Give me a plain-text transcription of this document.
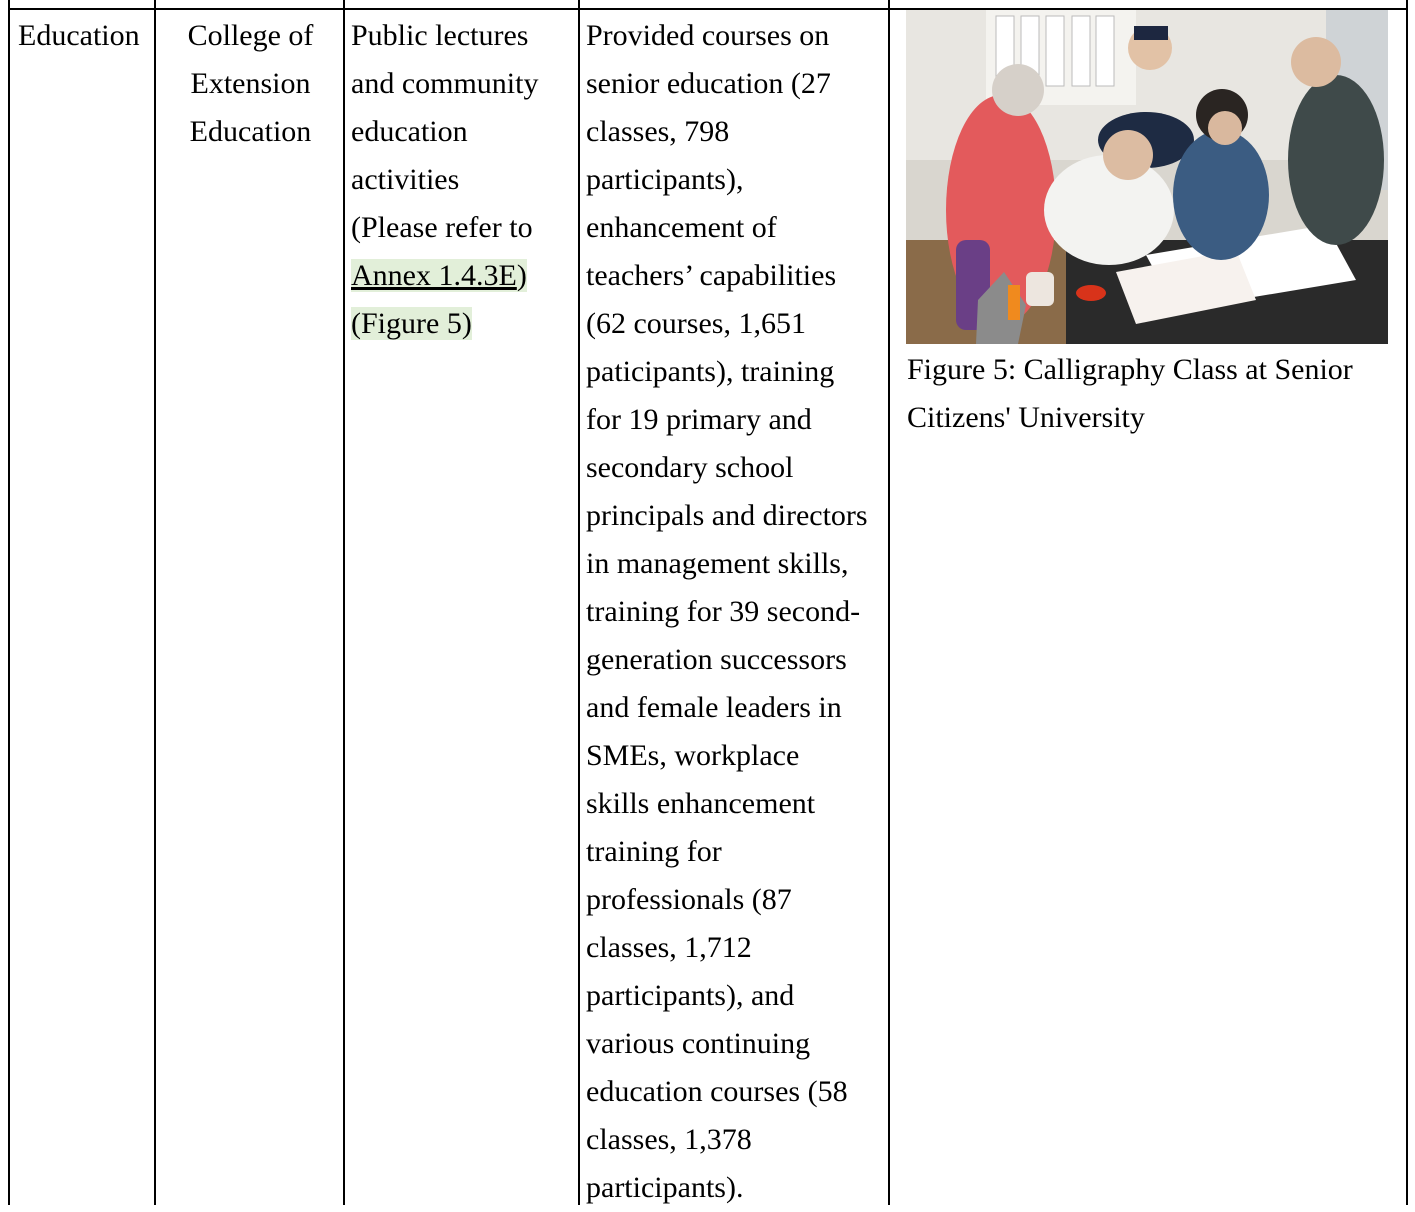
Education	College of
Extension
Education
Public lectures
and community
education
activities
(Please refer to
Annex 1.4.3E)
(Figure 5)
Provided courses on
senior education (27
classes, 798
participants),
enhancement of
teachers’ capabilities
(62 courses, 1,651
paticipants), training
for 19 primary and
secondary school
principals and directors
in management skills,
training for 39 second-
generation successors
and female leaders in
SMEs, workplace
skills enhancement
training for
professionals (87
classes, 1,712
participants), and
various continuing
education courses (58
classes, 1,378
participants).
Figure 5: Calligraphy Class at Senior Citizens' University
